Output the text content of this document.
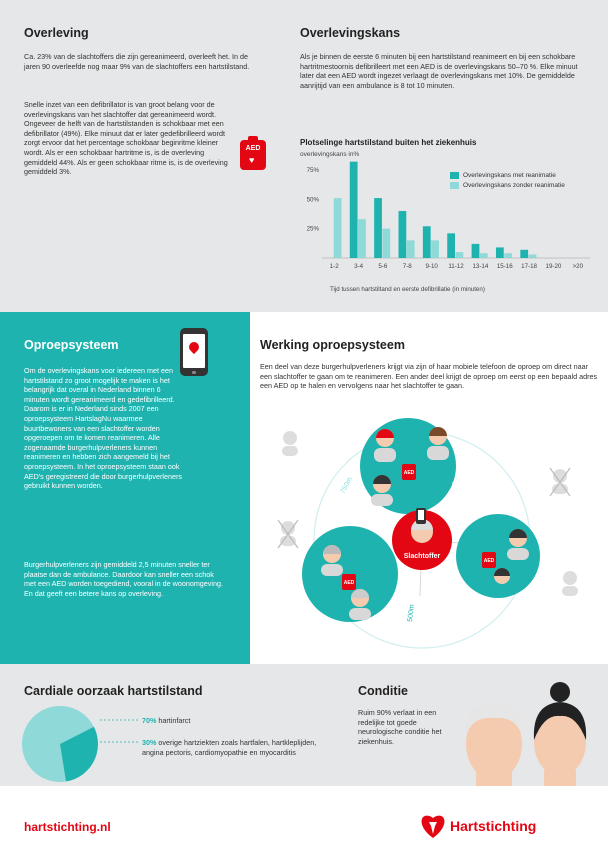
Overleving

Ca. 23% van de slachtoffers die zijn gereanimeerd, overleeft het. In de jaren 90 overleefde nog maar 9% van de slachtoffers een hartstilstand.

Snelle inzet van een defibrillator is van groot belang voor de overlevingskans van het slachtoffer dat gereanimeerd wordt. Ongeveer de helft van de hartstilstanden is schokbaar met een defibrillator (49%). Elke minuut dat er later gedefibrilleerd wordt zorgt ervoor dat het percentage schokbaar beginritme kleiner wordt. Als er een schokbaar hartritme is, is de overleving gemiddeld 44%. Als er geen schokbaar ritme is, is de overleving gemiddeld 3%.

AED
♥
Overlevingskans

Als je binnen de eerste 6 minuten bij een hartstilstand reanimeert en bij een schokbare hartritmestoornis defibrilleert met een AED is de overlevingskans 50–70 %. Elke minuut later dat een AED wordt ingezet verlaagt de overlevingskans met 10%. De gemiddelde aanrijtijd van een ambulance is 8 tot 10 minuten.

Plotselinge hartstilstand buiten het ziekenhuis
overlevingskans in%
25%
50%
75%
1-2 3-4 5-6 7-8 9-10 11-12 13-14 15-16 17-18 19-20 >20
Tijd tussen hartstiltand en eerste defibrillatie (in minuten)
Overlevingskans met reanimatie
Overlevingskans zonder reanimatie
Oproepsysteem

Om de overlevingskans voor iedereen met een hartstilstand zo groot mogelijk te maken is het belangrijk dat overal in Nederland binnen 6 minuten wordt gereanimeerd en gedefibrilleerd. Daarom is er in Nederland sinds 2007 een oproepsysteem HartslagNu waarmee buurtbewoners van een slachtoffer worden opgeroepen om te komen reanimeren. Alle zogenaamde burgerhulpverleners kunnen reanimeren en hebben zich aangemeld bij het oproepsysteem. In het oproepsysteem staan ook AED's geregistreerd die door burgerhulpverleners gebruikt kunnen worden.

Burgerhulpverleners zijn gemiddeld 2,5 minuten sneller ter plaatse dan de ambulance. Daardoor kan sneller een schok met een AED worden toegediend, vooral in de woonomgeving. En dat geeft een betere kans op overleving.

Werking oproepsysteem

Een deel van deze burgerhulpverleners krijgt via zijn of haar mobiele telefoon de oproep om direct naar een slachtoffer te gaan om te reanimeren. Een ander deel krijgt de oproep om eerst op een bepaald adres een AED op te halen en vervolgens naar het slachtoffer te gaan.

AED
AED
AED
Slachtoffer
750m	max 500m
500m
Cardiale oorzaak hartstilstand
70% hartinfarct
30% overige hartziekten zoals hartfalen, hartkleplijden, angina pectoris, cardiomyopathie en myocarditis
Conditie

Ruim 90% verlaat in een redelijke tot goede neurologische conditie het ziekenhuis.

hartstichting.nl	Hartstichting
